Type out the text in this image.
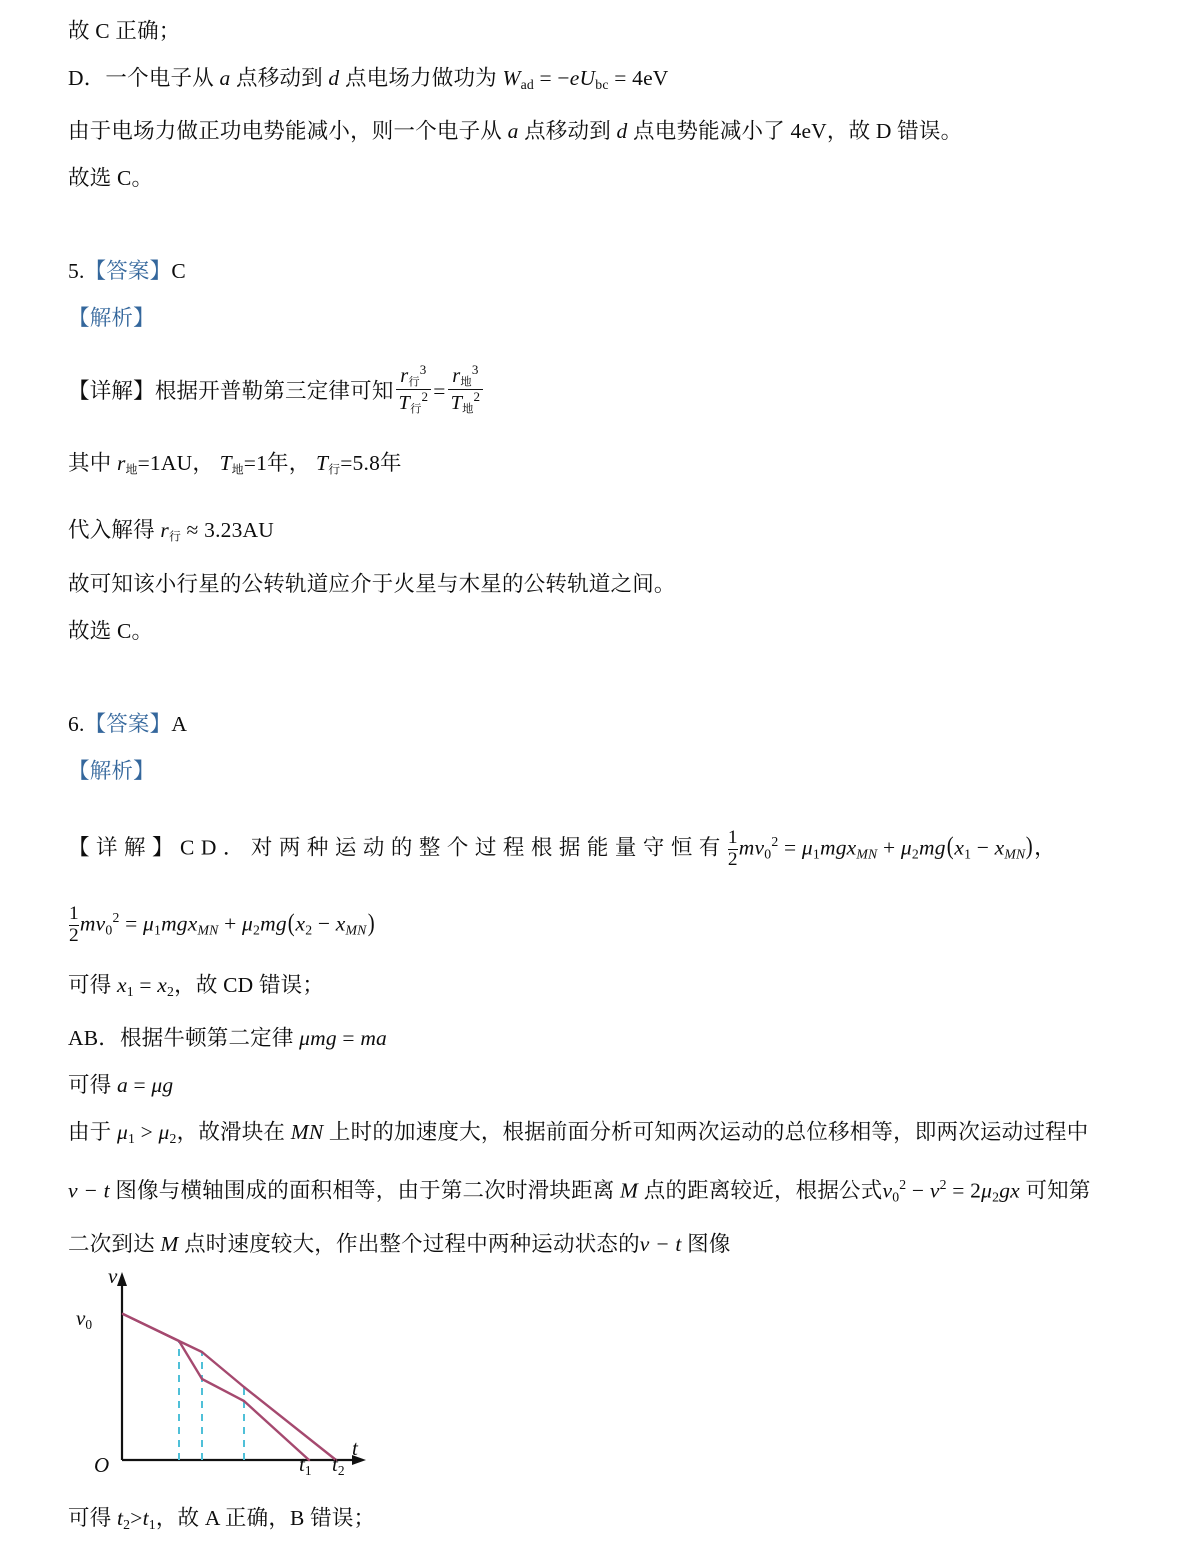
故 C 正确；
D．一个电子从 a 点移动到 d 点电场力做功为 $W_{ad} = -eU_{bc} = 4eV$
由于电场力做正功电势能减小，则一个电子从 a 点移动到 d 点电势能减小了 4eV，故 D 错误。
故选 C。
5.【答案】C
【解析】
【详解】根据开普勒第三定律可知 $\frac{r行^3}{T行^2} = \frac{r地^3}{T地^2}$
其中 r地=1AU， T地=1年， T行=5.8年
代入解得 r行 ≈ 3.23AU
故可知该小行星的公转轨道应介于火星与木星的公转轨道之间。
故选 C。
6.【答案】A
【解析】
【详解】CD．对两种运动的整个过程根据能量守恒有 $\frac{1}{2} mv_0^2$ = $\mu_1mgxMN + \mu_2mg(x_1 - xMN)$，
$\frac{1}{2} mv_0^2$ = $\mu_1mgxMN + \mu_2mg(x_2 - xMN)$
可得 $x_1 = x_2$，故 CD 错误；
AB．根据牛顿第二定律 μmg = ma
可得 a = μg
由于 $\mu_1 > \mu_2$，故滑块在 MN 上时的加速度大，根据前面分析可知两次运动的总位移相等，即两次运动过程中
v − t 图像与横轴围成的面积相等，由于第二次时滑块距离 M 点的距离较近，根据公式$v_0^2 - v^2 = 2\mu_2gx$ 可知第
二次到达 M 点时速度较大，作出整个过程中两种运动状态的v − t 图像
v
$v_0$
O
t
$t_1$ $t_2$
可得 $t_2>t_1$，故 A 正确，B 错误；
